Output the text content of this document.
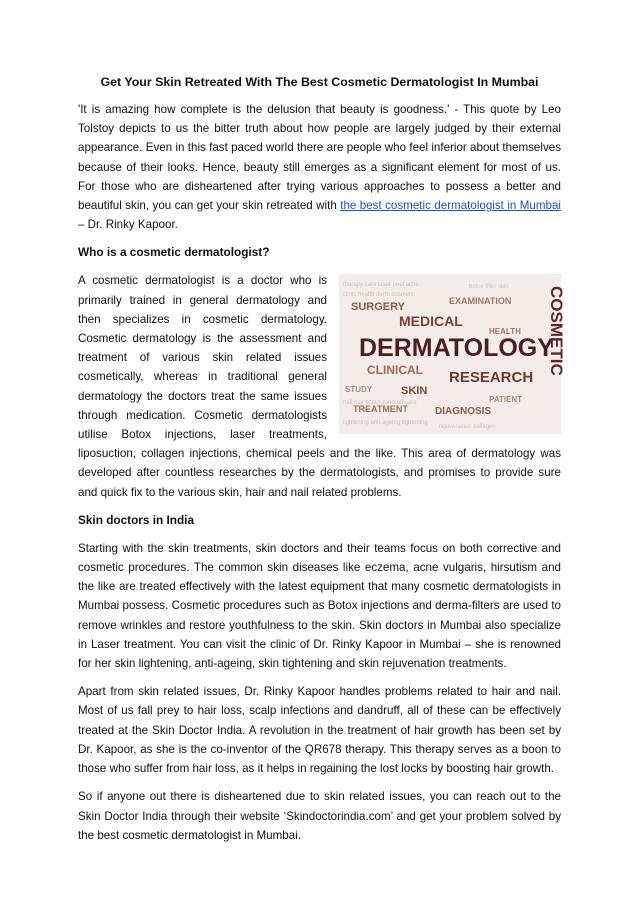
Get Your Skin Retreated With The Best Cosmetic Dermatologist In Mumbai

'It is amazing how complete is the delusion that beauty is goodness.' - This quote by Leo Tolstoy depicts to us the bitter truth about how people are largely judged by their external appearance. Even in this fast paced world there are people who feel inferior about themselves because of their looks. Hence, beauty still emerges as a significant element for most of us. For those who are disheartened after trying various approaches to possess a better and beautiful skin, you can get your skin retreated with the best cosmetic dermatologist in Mumbai – Dr. Rinky Kapoor.

Who is a cosmetic dermatologist?
therapy care laser peel acne
clinic health derm cosmetic
botox filler skin
nail hair scalp dandruff care
lightening anti-ageing tightening
rejuvenation collagen
SURGERY	EXAMINATION
MEDICAL
DERMATOLOGY
CLINICAL RESEARCH
STUDY	SKIN
TREATMENT	DIAGNOSIS
PATIENT
HEALTH COSMETIC

A cosmetic dermatologist is a doctor who is primarily trained in general dermatology and then specializes in cosmetic dermatology. Cosmetic dermatology is the assessment and treatment of various skin related issues cosmetically, whereas in traditional general dermatology the doctors treat the same issues through medication. Cosmetic dermatologists utilise Botox injections, laser treatments, liposuction, collagen injections, chemical peels and the like. This area of dermatology was developed after countless researches by the dermatologists, and promises to provide sure and quick fix to the various skin, hair and nail related problems.

Skin doctors in India

Starting with the skin treatments, skin doctors and their teams focus on both corrective and cosmetic procedures. The common skin diseases like eczema, acne vulgaris, hirsutism and the like are treated effectively with the latest equipment that many cosmetic dermatologists in Mumbai possess. Cosmetic procedures such as Botox injections and derma-filters are used to remove wrinkles and restore youthfulness to the skin. Skin doctors in Mumbai also specialize in Laser treatment. You can visit the clinic of Dr. Rinky Kapoor in Mumbai – she is renowned for her skin lightening, anti-ageing, skin tightening and skin rejuvenation treatments.

Apart from skin related issues, Dr. Rinky Kapoor handles problems related to hair and nail. Most of us fall prey to hair loss, scalp infections and dandruff, all of these can be effectively treated at the Skin Doctor India. A revolution in the treatment of hair growth has been set by Dr. Kapoor, as she is the co-inventor of the QR678 therapy. This therapy serves as a boon to those who suffer from hair loss, as it helps in regaining the lost locks by boosting hair growth.

So if anyone out there is disheartened due to skin related issues, you can reach out to the Skin Doctor India through their website ‘Skindoctorindia.com’ and get your problem solved by the best cosmetic dermatologist in Mumbai.
